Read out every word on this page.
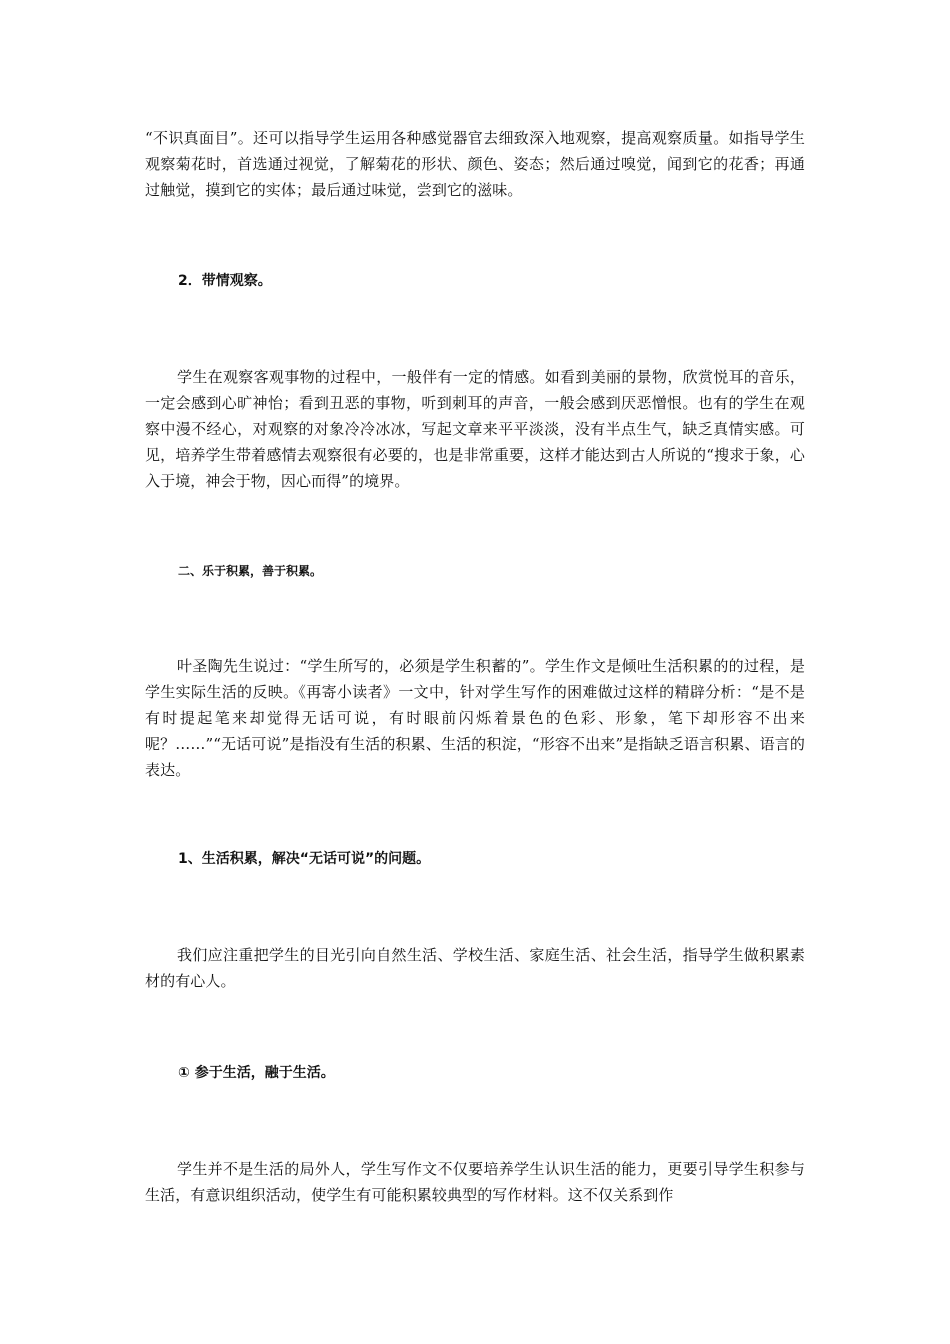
“不识真面目”。还可以指导学生运用各种感觉器官去细致深入地观察，提高观察质量。如指导学生观察菊花时，首选通过视觉，了解菊花的形状、颜色、姿态；然后通过嗅觉，闻到它的花香；再通过触觉，摸到它的实体；最后通过味觉，尝到它的滋味。

2．带情观察。

学生在观察客观事物的过程中，一般伴有一定的情感。如看到美丽的景物，欣赏悦耳的音乐，一定会感到心旷神怡；看到丑恶的事物，听到刺耳的声音，一般会感到厌恶憎恨。也有的学生在观察中漫不经心，对观察的对象冷冷冰冰，写起文章来平平淡淡，没有半点生气，缺乏真情实感。可见，培养学生带着感情去观察很有必要的，也是非常重要，这样才能达到古人所说的“搜求于象，心入于境，神会于物，因心而得”的境界。

二、乐于积累，善于积累。

叶圣陶先生说过：“学生所写的，必须是学生积蓄的”。学生作文是倾吐生活积累的的过程，是学生实际生活的反映。《再寄小读者》一文中，针对学生写作的困难做过这样的精辟分析：“是不是有时提起笔来却觉得无话可说，有时眼前闪烁着景色的色彩、形象，笔下却形容不出来呢？……”“无话可说”是指没有生活的积累、生活的积淀，“形容不出来”是指缺乏语言积累、语言的表达。

1、生活积累，解决“无话可说”的问题。

我们应注重把学生的目光引向自然生活、学校生活、家庭生活、社会生活，指导学生做积累素材的有心人。

① 参于生活，融于生活。

学生并不是生活的局外人，学生写作文不仅要培养学生认识生活的能力，更要引导学生积参与生活，有意识组织活动，使学生有可能积累较典型的写作材料。这不仅关系到作
